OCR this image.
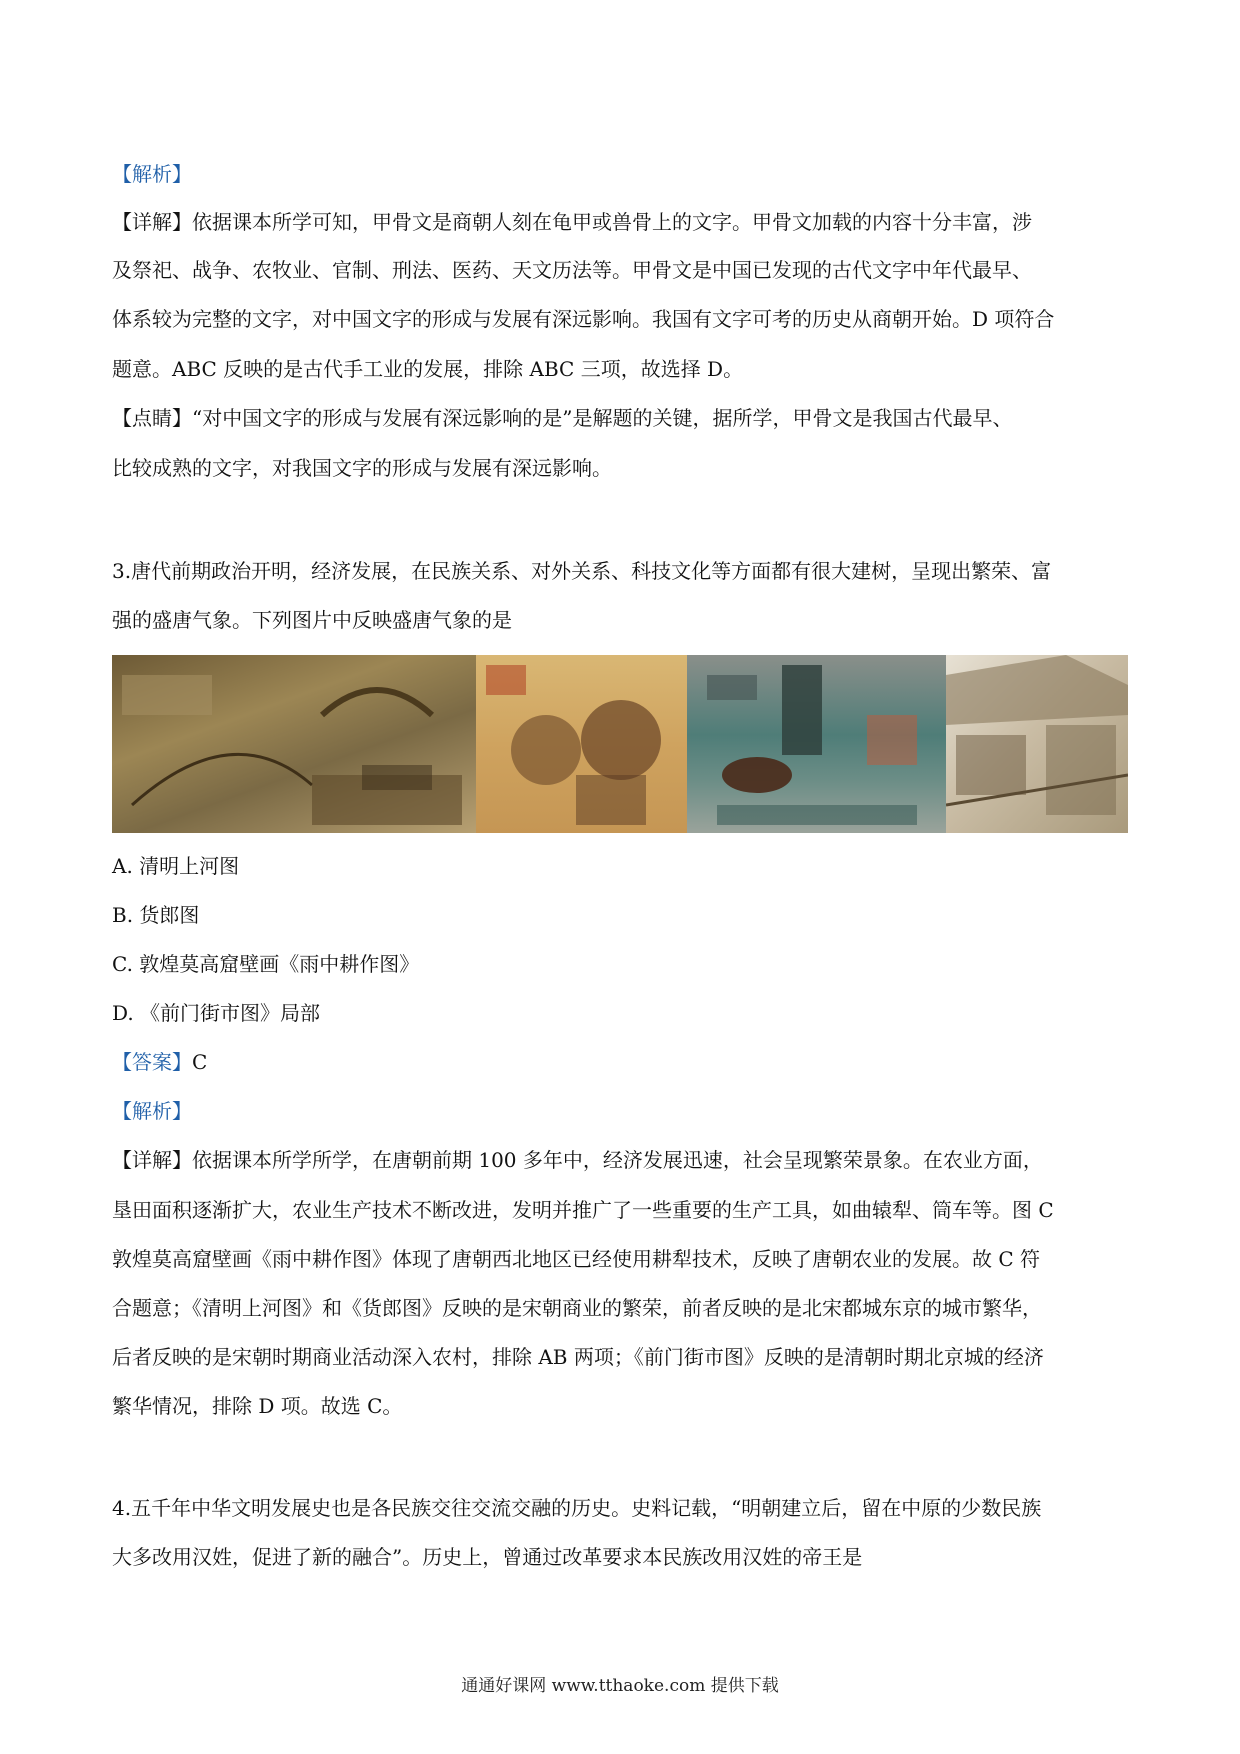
【解析】
【详解】依据课本所学可知，甲骨文是商朝人刻在龟甲或兽骨上的文字。甲骨文加载的内容十分丰富，涉
及祭祀、战争、农牧业、官制、刑法、医药、天文历法等。甲骨文是中国已发现的古代文字中年代最早、
体系较为完整的文字，对中国文字的形成与发展有深远影响。我国有文字可考的历史从商朝开始。D 项符合
题意。ABC 反映的是古代手工业的发展，排除 ABC 三项，故选择 D。
【点睛】“对中国文字的形成与发展有深远影响的是”是解题的关键，据所学，甲骨文是我国古代最早、
比较成熟的文字，对我国文字的形成与发展有深远影响。
3.唐代前期政治开明，经济发展，在民族关系、对外关系、科技文化等方面都有很大建树，呈现出繁荣、富
强的盛唐气象。下列图片中反映盛唐气象的是
A. 清明上河图
B. 货郎图
C. 敦煌莫高窟壁画《雨中耕作图》
D. 《前门街市图》局部
【答案】C
【解析】
【详解】依据课本所学所学，在唐朝前期 100 多年中，经济发展迅速，社会呈现繁荣景象。在农业方面，
垦田面积逐渐扩大，农业生产技术不断改进，发明并推广了一些重要的生产工具，如曲辕犁、筒车等。图 C
敦煌莫高窟壁画《雨中耕作图》体现了唐朝西北地区已经使用耕犁技术，反映了唐朝农业的发展。故 C 符
合题意；《清明上河图》和《货郎图》反映的是宋朝商业的繁荣，前者反映的是北宋都城东京的城市繁华，
后者反映的是宋朝时期商业活动深入农村，排除 AB 两项；《前门街市图》反映的是清朝时期北京城的经济
繁华情况，排除 D 项。故选 C。
4.五千年中华文明发展史也是各民族交往交流交融的历史。史料记载，“明朝建立后，留在中原的少数民族
大多改用汉姓，促进了新的融合”。历史上，曾通过改革要求本民族改用汉姓的帝王是
通通好课网 www.tthaoke.com 提供下载
